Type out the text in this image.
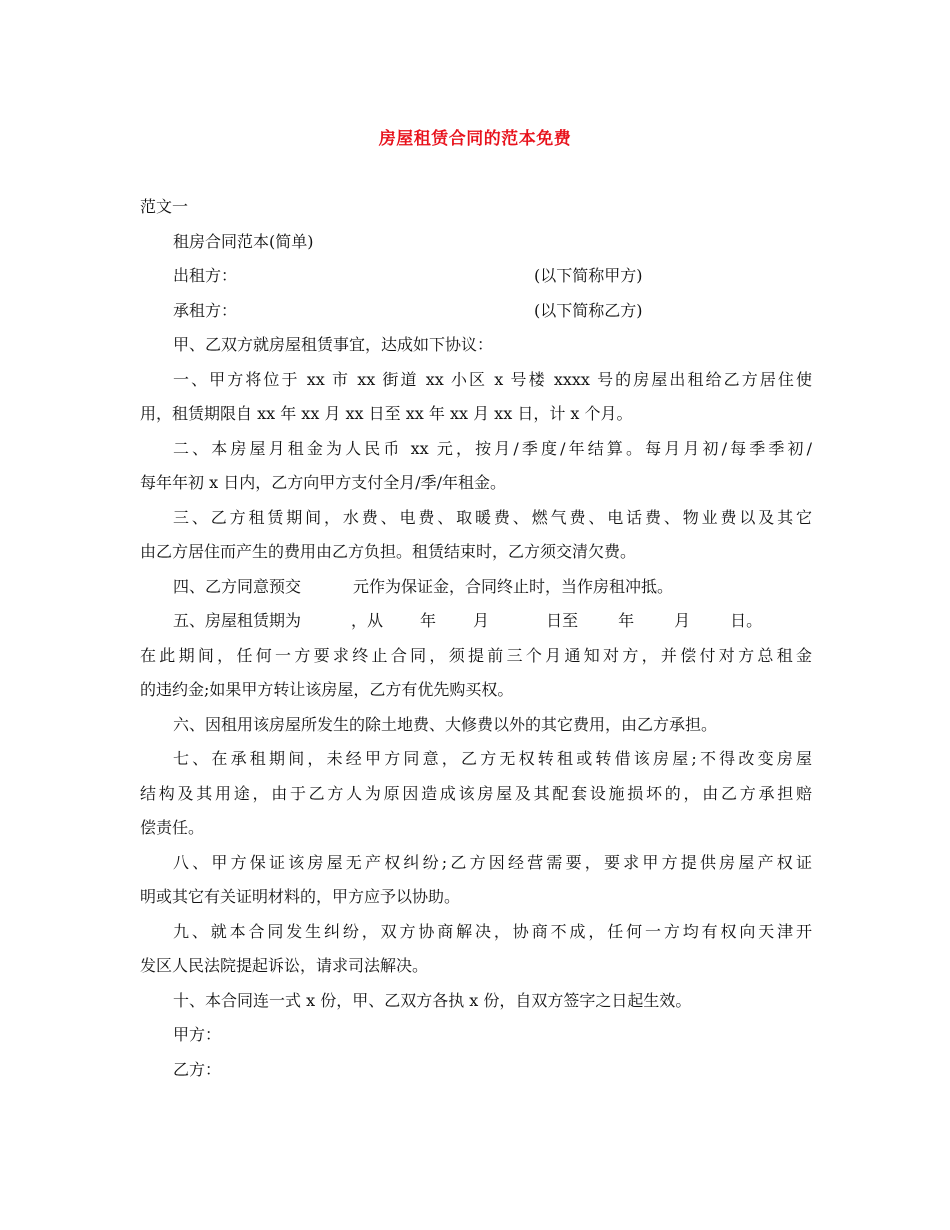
房屋租赁合同的范本免费

范文一

租房合同范本(简单)

出租方：	(以下简称甲方)
承租方：	(以下简称乙方)

甲、乙双方就房屋租赁事宜，达成如下协议：

一、甲方将位于 xx 市 xx 街道 xx 小区 x 号楼 xxxx 号的房屋出租给乙方居住使

用，租赁期限自 xx 年 xx 月 xx 日至 xx 年 xx 月 xx 日，计 x 个月。

二、本房屋月租金为人民币 xx 元，按月/季度/年结算。每月月初/每季季初/

每年年初 x 日内，乙方向甲方支付全月/季/年租金。

三、乙方租赁期间，水费、电费、取暖费、燃气费、电话费、物业费以及其它

由乙方居住而产生的费用由乙方负担。租赁结束时，乙方须交清欠费。

四、乙方同意预交	元作为保证金，合同终止时，当作房租冲抵。

五、房屋租赁期为	，从 年 月	日至	年	月	日。

在此期间，任何一方要求终止合同，须提前三个月通知对方，并偿付对方总租金

的违约金;如果甲方转让该房屋，乙方有优先购买权。

六、因租用该房屋所发生的除土地费、大修费以外的其它费用，由乙方承担。

七、在承租期间，未经甲方同意，乙方无权转租或转借该房屋;不得改变房屋

结构及其用途，由于乙方人为原因造成该房屋及其配套设施损坏的，由乙方承担赔

偿责任。

八、甲方保证该房屋无产权纠纷;乙方因经营需要，要求甲方提供房屋产权证

明或其它有关证明材料的，甲方应予以协助。

九、就本合同发生纠纷，双方协商解决，协商不成，任何一方均有权向天津开

发区人民法院提起诉讼，请求司法解决。

十、本合同连一式 x 份，甲、乙双方各执 x 份，自双方签字之日起生效。

甲方：

乙方：
